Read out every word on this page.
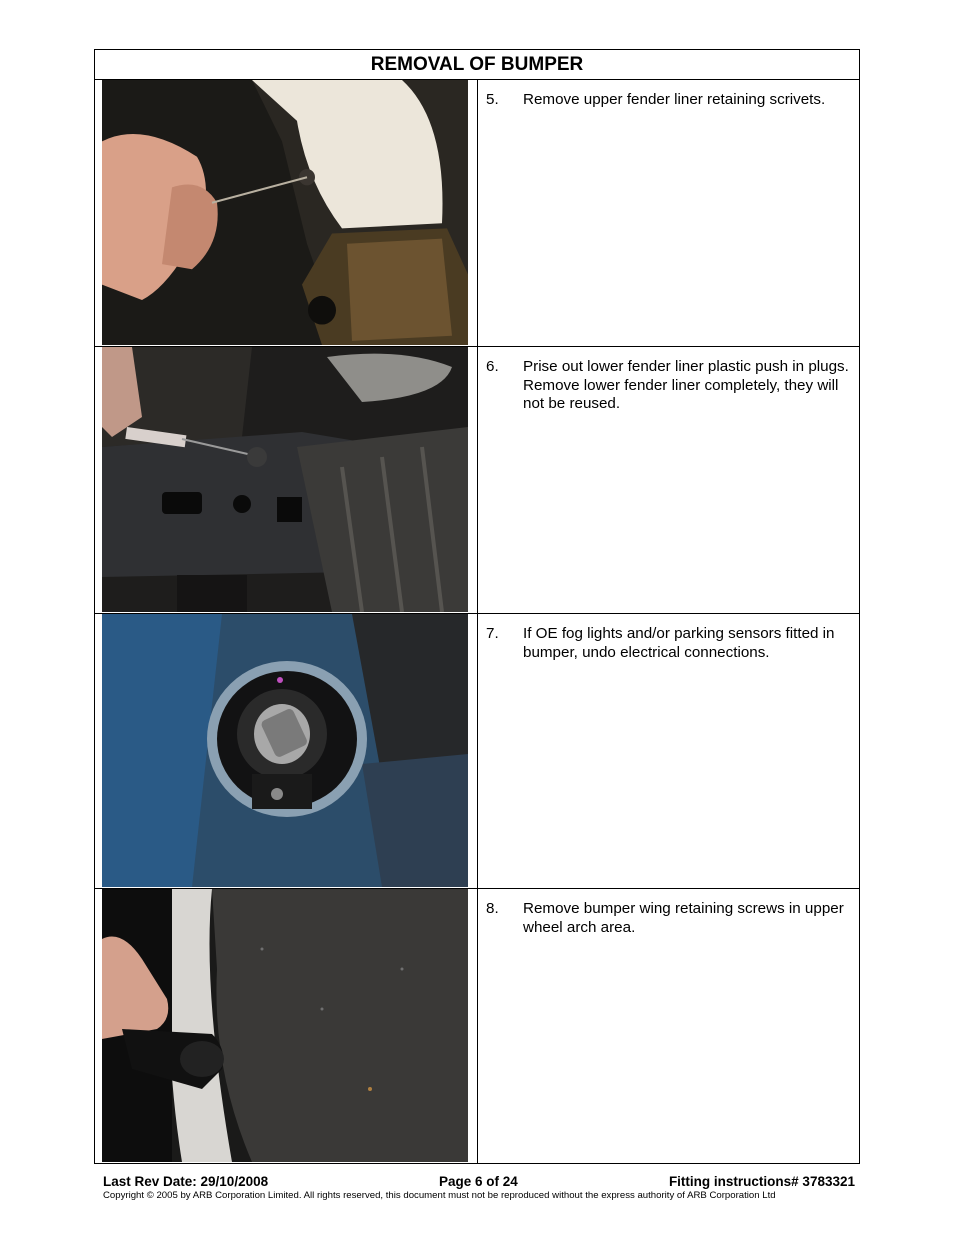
REMOVAL OF BUMPER
5.	Remove upper fender liner retaining scrivets.
6.	Prise out lower fender liner plastic push in plugs. Remove lower fender liner completely, they will not be reused.
7.	If OE fog lights and/or parking sensors fitted in bumper, undo electrical connections.
8.	Remove bumper wing retaining screws in upper wheel arch area.
Last Rev Date: 29/10/2008	Page 6 of 24	Fitting instructions# 3783321
Copyright © 2005 by ARB Corporation Limited. All rights reserved, this document must not be reproduced without the express authority of ARB Corporation Ltd
